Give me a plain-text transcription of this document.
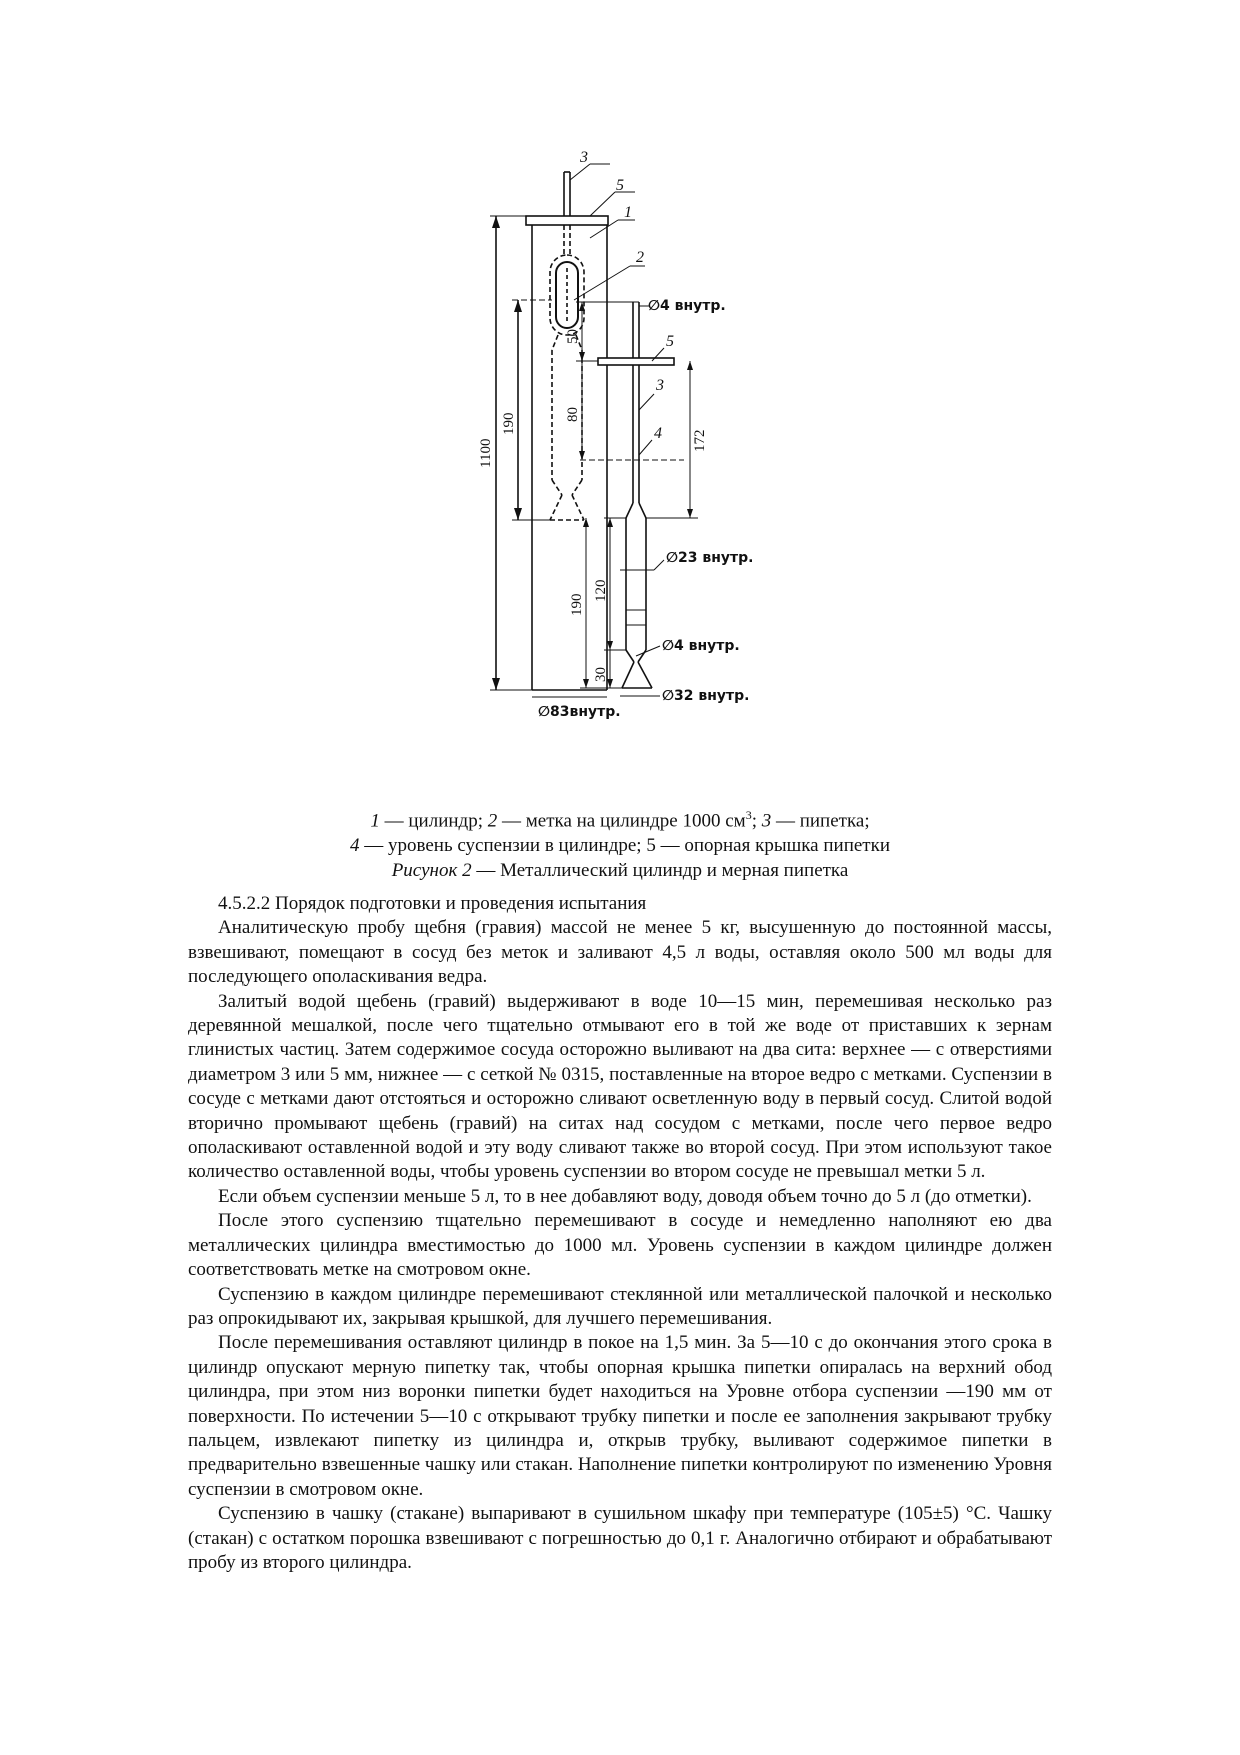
3
5
1
2
1100
190
∅83внутр.
∅4 внутр.
5
3
4
50
80
172
190
120
30
∅23 внутр.
∅4 внутр.
∅32 внутр.
1 — цилиндр; 2 — метка на цилиндре 1000 $см^3$; 3 — пипетка;
4 — уровень суспензии в цилиндре; 5 — опорная крышка пипетки
Рисунок 2 — Металлический цилиндр и мерная пипетка

4.5.2.2 Порядок подготовки и проведения испытания

Аналитическую пробу щебня (гравия) массой не менее 5 кг, высушенную до постоянной массы, взвешивают, помещают в сосуд без меток и заливают 4,5 л воды, оставляя около 500 мл воды для последующего ополаскивания ведра.

Залитый водой щебень (гравий) выдерживают в воде 10—15 мин, перемешивая несколько раз деревянной мешалкой, после чего тщательно отмывают его в той же воде от приставших к зернам глинистых частиц. Затем содержимое сосуда осторожно выливают на два сита: верхнее — с отверстиями диаметром 3 или 5 мм, нижнее — с сеткой № 0315, поставленные на второе ведро с метками. Суспензии в сосуде с метками дают отстояться и осторожно сливают осветленную воду в первый сосуд. Слитой водой вторично промывают щебень (гравий) на ситах над сосудом с метками, после чего первое ведро ополаскивают оставленной водой и эту воду сливают также во второй сосуд. При этом используют такое количество оставленной воды, чтобы уровень суспензии во втором сосуде не превышал метки 5 л.

Если объем суспензии меньше 5 л, то в нее добавляют воду, доводя объем точно до 5 л (до отметки).

После этого суспензию тщательно перемешивают в сосуде и немедленно наполняют ею два металлических цилиндра вместимостью до 1000 мл. Уровень суспензии в каждом цилиндре должен соответствовать метке на смотровом окне.

Суспензию в каждом цилиндре перемешивают стеклянной или металлической палочкой и несколько раз опрокидывают их, закрывая крышкой, для лучшего перемешивания.

После перемешивания оставляют цилиндр в покое на 1,5 мин. За 5—10 с до окончания этого срока в цилиндр опускают мерную пипетку так, чтобы опорная крышка пипетки опиралась на верхний обод цилиндра, при этом низ воронки пипетки будет находиться на Уровне отбора суспензии —190 мм от поверхности. По истечении 5—10 с открывают трубку пипетки и после ее заполнения закрывают трубку пальцем, извлекают пипетку из цилиндра и, открыв трубку, выливают содержимое пипетки в предварительно взвешенные чашку или стакан. Наполнение пипетки контролируют по изменению Уровня суспензии в смотровом окне.

Суспензию в чашку (стакане) выпаривают в сушильном шкафу при температуре (105±5) °С. Чашку (стакан) с остатком порошка взвешивают с погрешностью до 0,1 г. Аналогично отбирают и обрабатывают пробу из второго цилиндра.
